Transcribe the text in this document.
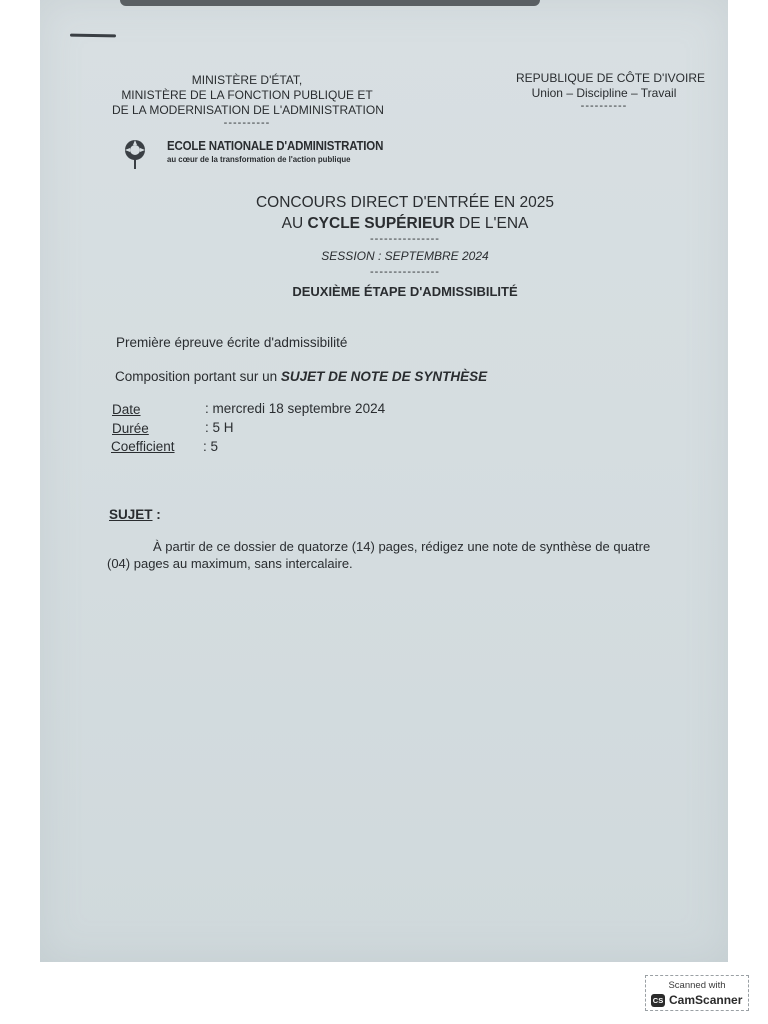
MINISTÈRE D'ÉTAT,
MINISTÈRE DE LA FONCTION PUBLIQUE ET
DE LA MODERNISATION DE L'ADMINISTRATION
----------
REPUBLIQUE DE CÔTE D'IVOIRE
Union – Discipline – Travail
----------
ECOLE NATIONALE D'ADMINISTRATION
au cœur de la transformation de l'action publique
CONCOURS DIRECT D'ENTRÉE EN 2025
AU CYCLE SUPÉRIEUR DE L'ENA
---------------
SESSION : SEPTEMBRE 2024
---------------
DEUXIÈME ÉTAPE D'ADMISSIBILITÉ
Première épreuve écrite d'admissibilité
Composition portant sur un SUJET DE NOTE DE SYNTHÈSE
Date	: mercredi 18 septembre 2024
Durée	: 5 H
Coefficient : 5
SUJET :
À partir de ce dossier de quatorze (14) pages, rédigez une note de synthèse de quatre (04) pages au maximum, sans intercalaire.
Scanned with
CS CamScanner
